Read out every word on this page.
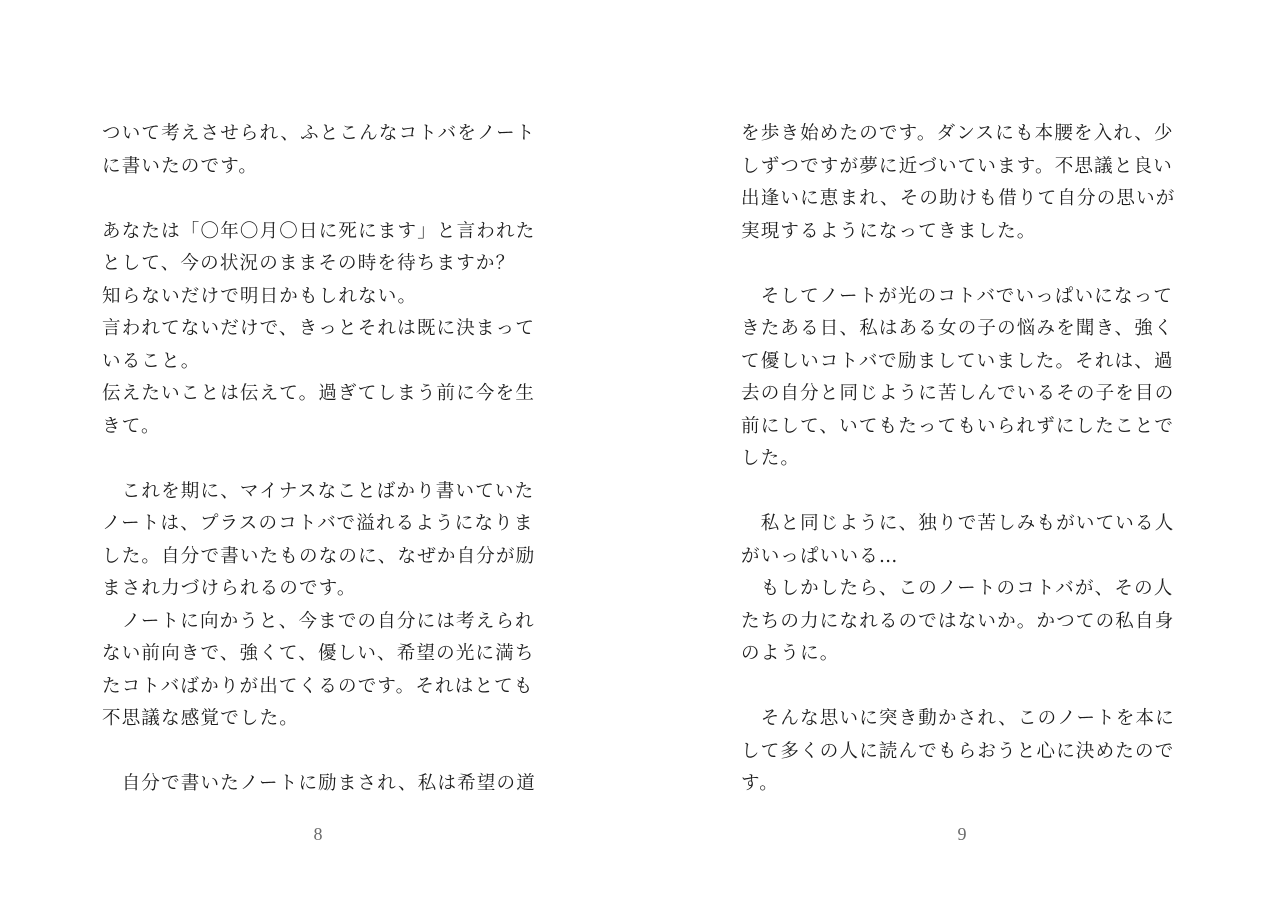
ついて考えさせられ、ふとこんなコトバをノート
に書いたのです。
あなたは「〇年〇月〇日に死にます」と言われた
として、今の状況のままその時を待ちますか？
知らないだけで明日かもしれない。
言われてないだけで、きっとそれは既に決まって
いること。
伝えたいことは伝えて。過ぎてしまう前に今を生
きて。
　これを期に、マイナスなことばかり書いていた
ノートは、プラスのコトバで溢れるようになりま
した。自分で書いたものなのに、なぜか自分が励
まされ力づけられるのです。
　ノートに向かうと、今までの自分には考えられ
ない前向きで、強くて、優しい、希望の光に満ち
たコトバばかりが出てくるのです。それはとても
不思議な感覚でした。
　自分で書いたノートに励まされ、私は希望の道
を歩き始めたのです。ダンスにも本腰を入れ、少
しずつですが夢に近づいています。不思議と良い
出逢いに恵まれ、その助けも借りて自分の思いが
実現するようになってきました。
　そしてノートが光のコトバでいっぱいになって
きたある日、私はある女の子の悩みを聞き、強く
て優しいコトバで励ましていました。それは、過
去の自分と同じように苦しんでいるその子を目の
前にして、いてもたってもいられずにしたことで
した。
　私と同じように、独りで苦しみもがいている人
がいっぱいいる…
　もしかしたら、このノートのコトバが、その人
たちの力になれるのではないか。かつての私自身
のように。
　そんな思いに突き動かされ、このノートを本に
して多くの人に読んでもらおうと心に決めたので
す。
8	9
